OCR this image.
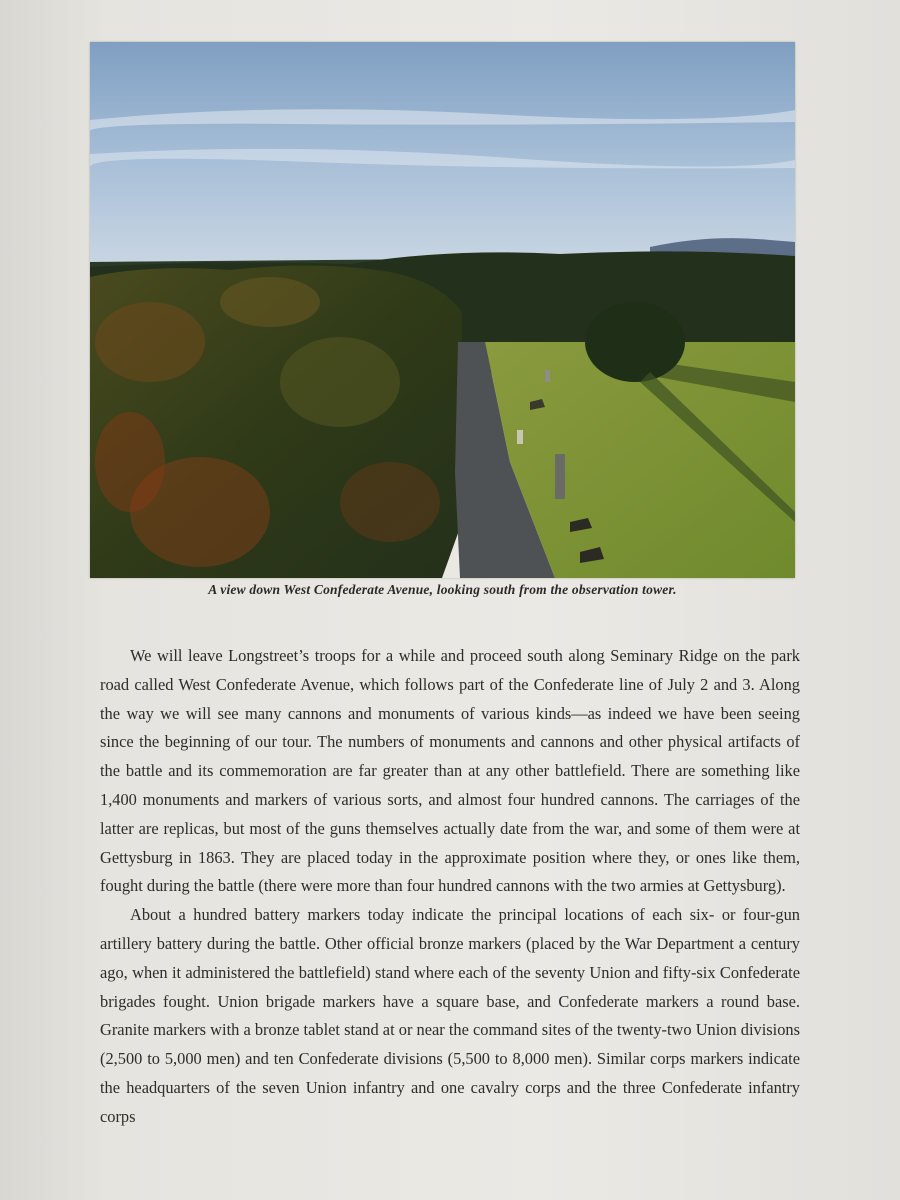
A view down West Confederate Avenue, looking south from the observation tower.

We will leave Longstreet’s troops for a while and proceed south along Seminary Ridge on the park road called West Confederate Avenue, which follows part of the Confederate line of July 2 and 3. Along the way we will see many cannons and monuments of various kinds—as indeed we have been seeing since the beginning of our tour. The numbers of monuments and cannons and other physical artifacts of the battle and its commemoration are far greater than at any other battlefield. There are something like 1,400 monuments and markers of various sorts, and almost four hundred cannons. The carriages of the latter are replicas, but most of the guns themselves actually date from the war, and some of them were at Gettysburg in 1863. They are placed today in the approximate position where they, or ones like them, fought during the battle (there were more than four hundred cannons with the two armies at Gettysburg).

About a hundred battery markers today indicate the principal locations of each six- or four-gun artillery battery during the battle. Other official bronze markers (placed by the War Department a century ago, when it administered the battlefield) stand where each of the seventy Union and fifty-six Confederate brigades fought. Union brigade markers have a square base, and Confederate markers a round base. Granite markers with a bronze tablet stand at or near the command sites of the twenty-two Union divisions (2,500 to 5,000 men) and ten Confederate divisions (5,500 to 8,000 men). Similar corps markers indicate the headquarters of the seven Union infantry and one cavalry corps and the three Confederate infantry corps
